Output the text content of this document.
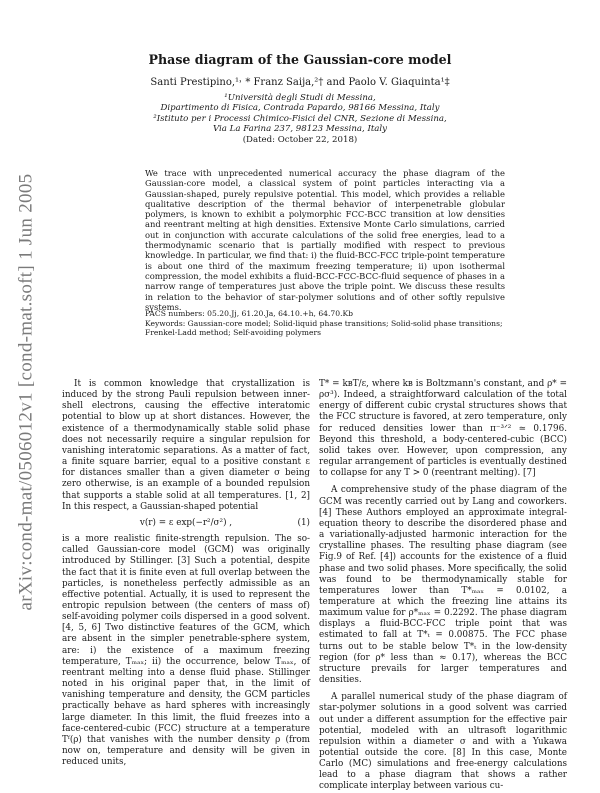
arXiv:cond-mat/0506012v1 [cond-mat.soft] 1 Jun 2005
Phase diagram of the Gaussian-core model
Santi Prestipino,¹˒ * Franz Saija,²† and Paolo V. Giaquinta¹‡
¹Università degli Studi di Messina,
Dipartimento di Fisica, Contrada Papardo, 98166 Messina, Italy
²Istituto per i Processi Chimico-Fisici del CNR, Sezione di Messina,
Via La Farina 237, 98123 Messina, Italy
(Dated: October 22, 2018)
We trace with unprecedented numerical accuracy the phase diagram of the Gaussian-core model, a classical system of point particles interacting via a Gaussian-shaped, purely repulsive potential. This model, which provides a reliable qualitative description of the thermal behavior of interpenetrable globular polymers, is known to exhibit a polymorphic FCC-BCC transition at low densities and reentrant melting at high densities. Extensive Monte Carlo simulations, carried out in conjunction with accurate calculations of the solid free energies, lead to a thermodynamic scenario that is partially modified with respect to previous knowledge. In particular, we find that: i) the fluid-BCC-FCC triple-point temperature is about one third of the maximum freezing temperature; ii) upon isothermal compression, the model exhibits a fluid-BCC-FCC-BCC-fluid sequence of phases in a narrow range of temperatures just above the triple point. We discuss these results in relation to the behavior of star-polymer solutions and of other softly repulsive systems.
PACS numbers: 05.20.Jj, 61.20.Ja, 64.10.+h, 64.70.Kb
Keywords: Gaussian-core model; Solid-liquid phase transitions; Solid-solid phase transitions; Frenkel-Ladd method; Self-avoiding polymers

It is common knowledge that crystallization is induced by the strong Pauli repulsion between inner-shell electrons, causing the effective interatomic potential to blow up at short distances. However, the existence of a thermodynamically stable solid phase does not necessarily require a singular repulsion for vanishing interatomic separations. As a matter of fact, a finite square barrier, equal to a positive constant ε for distances smaller than a given diameter σ being zero otherwise, is an example of a bounded repulsion that supports a stable solid at all temperatures. [1, 2] In this respect, a Gaussian-shaped potential

v(r) = ε exp(−r²/σ²) ,	(1)

is a more realistic finite-strength repulsion. The so-called Gaussian-core model (GCM) was originally introduced by Stillinger. [3] Such a potential, despite the fact that it is finite even at full overlap between the particles, is nonetheless perfectly admissible as an effective potential. Actually, it is used to represent the entropic repulsion between (the centers of mass of) self-avoiding polymer coils dispersed in a good solvent. [4, 5, 6] Two distinctive features of the GCM, which are absent in the simpler penetrable-sphere system, are: i) the existence of a maximum freezing temperature, Tₘₐₓ; ii) the occurrence, below Tₘₐₓ, of reentrant melting into a dense fluid phase. Stillinger noted in his original paper that, in the limit of vanishing temperature and density, the GCM particles practically behave as hard spheres with increasingly large diameter. In this limit, the fluid freezes into a face-centered-cubic (FCC) structure at a temperature Tᶠ(ρ) that vanishes with the number density ρ (from now on, temperature and density will be given in reduced units,

T* = kʙT/ε, where kʙ is Boltzmann's constant, and ρ* = ρσ³). Indeed, a straightforward calculation of the total energy of different cubic crystal structures shows that the FCC structure is favored, at zero temperature, only for reduced densities lower than π⁻³ᐟ² ≃ 0.1796. Beyond this threshold, a body-centered-cubic (BCC) solid takes over. However, upon compression, any regular arrangement of particles is eventually destined to collapse for any T > 0 (reentrant melting). [7]

A comprehensive study of the phase diagram of the GCM was recently carried out by Lang and coworkers. [4] These Authors employed an approximate integral-equation theory to describe the disordered phase and a variationally-adjusted harmonic interaction for the crystalline phases. The resulting phase diagram (see Fig.9 of Ref. [4]) accounts for the existence of a fluid phase and two solid phases. More specifically, the solid was found to be thermodynamically stable for temperatures lower than T*ₘₐₓ = 0.0102, a temperature at which the freezing line attains its maximum value for ρ*ₘₐₓ = 0.2292. The phase diagram displays a fluid-BCC-FCC triple point that was estimated to fall at T*ₜ = 0.00875. The FCC phase turns out to be stable below T*ₜ in the low-density region (for ρ* less than ≈ 0.17), whereas the BCC structure prevails for larger temperatures and densities.

A parallel numerical study of the phase diagram of star-polymer solutions in a good solvent was carried out under a different assumption for the effective pair potential, modeled with an ultrasoft logarithmic repulsion within a diameter σ and with a Yukawa potential outside the core. [8] In this case, Monte Carlo (MC) simulations and free-energy calculations lead to a phase diagram that shows a rather complicate interplay between various cu-
